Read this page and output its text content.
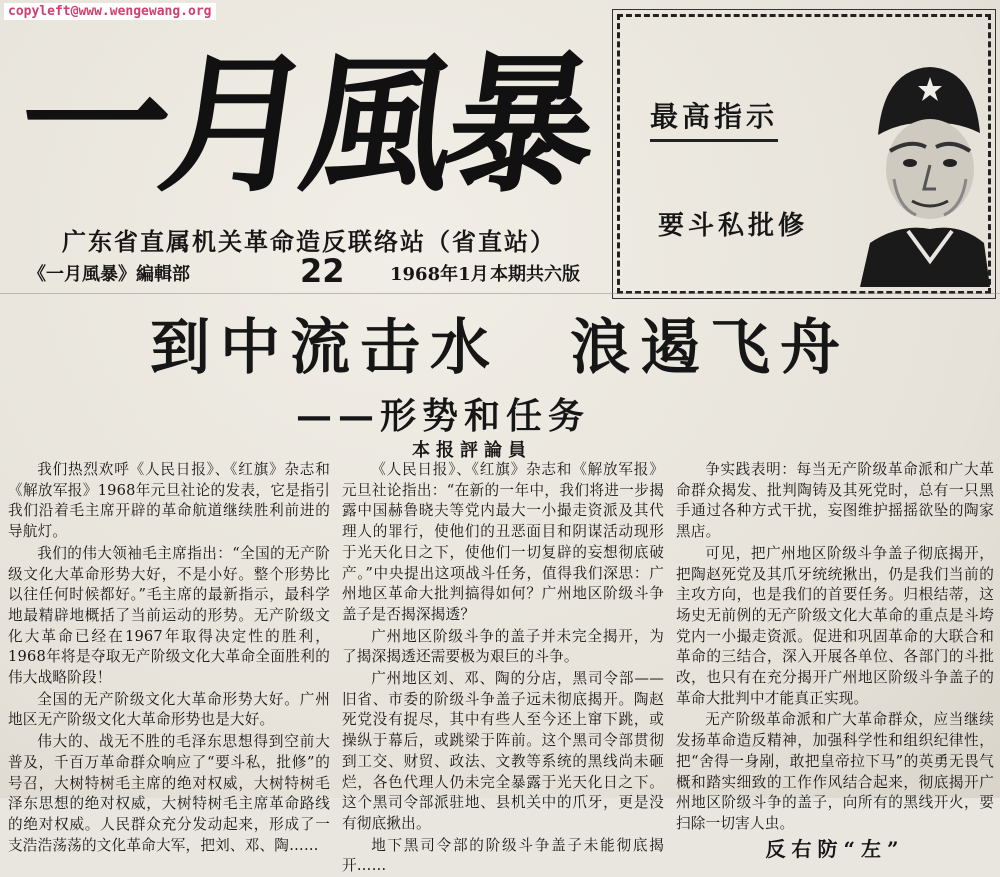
copyleft@www.wengewang.org
一月風暴
广东省直属机关革命造反联络站（省直站）
《一月風暴》編輯部	22	1968年1月 本期共六版
最高指示
要斗私批修
到中流击水　浪遏飞舟
——形势和任务
本报評論員

我们热烈欢呼《人民日报》、《红旗》杂志和《解放军报》1968年元旦社论的发表，它是指引我们沿着毛主席开辟的革命航道继续胜利前进的导航灯。

我们的伟大领袖毛主席指出：“全国的无产阶级文化大革命形势大好，不是小好。整个形势比以往任何时候都好。”毛主席的最新指示，最科学地最精辟地概括了当前运动的形势。无产阶级文化大革命已经在1967年取得决定性的胜利，1968年将是夺取无产阶级文化大革命全面胜利的伟大战略阶段！

全国的无产阶级文化大革命形势大好。广州地区无产阶级文化大革命形势也是大好。

伟大的、战无不胜的毛泽东思想得到空前大普及，千百万革命群众响应了“要斗私，批修”的号召，大树特树毛主席的绝对权威，大树特树毛泽东思想的绝对权威，大树特树毛主席革命路线的绝对权威。人民群众充分发动起来，形成了一支浩浩荡荡的文化革命大军，把刘、邓、陶……

《人民日报》、《红旗》杂志和《解放军报》元旦社论指出：“在新的一年中，我们将进一步揭露中国赫鲁晓夫等党内最大一小撮走资派及其代理人的罪行，使他们的丑恶面目和阴谋活动现形于光天化日之下，使他们一切复辟的妄想彻底破产。”中央提出这项战斗任务，值得我们深思：广州地区革命大批判搞得如何？广州地区阶级斗争盖子是否揭深揭透？

广州地区阶级斗争的盖子并未完全揭开，为了揭深揭透还需要极为艰巨的斗争。

广州地区刘、邓、陶的分店，黑司令部——旧省、市委的阶级斗争盖子远未彻底揭开。陶赵死党没有捉尽，其中有些人至今还上窜下跳，或操纵于幕后，或跳梁于阵前。这个黑司令部贯彻到工交、财贸、政法、文教等系统的黑线尚未砸烂，各色代理人仍未完全暴露于光天化日之下。这个黑司令部派驻地、县机关中的爪牙，更是没有彻底揪出。

地下黑司令部的阶级斗争盖子未能彻底揭开……

争实践表明：每当无产阶级革命派和广大革命群众揭发、批判陶铸及其死党时，总有一只黑手通过各种方式干扰，妄图维护摇摇欲坠的陶家黑店。

可见，把广州地区阶级斗争盖子彻底揭开，把陶赵死党及其爪牙统统揪出，仍是我们当前的主攻方向，也是我们的首要任务。归根结蒂，这场史无前例的无产阶级文化大革命的重点是斗垮党内一小撮走资派。促进和巩固革命的大联合和革命的三结合，深入开展各单位、各部门的斗批改，也只有在充分揭开广州地区阶级斗争盖子的革命大批判中才能真正实现。

无产阶级革命派和广大革命群众，应当继续发扬革命造反精神，加强科学性和组织纪律性，把“舍得一身剐，敢把皇帝拉下马”的英勇无畏气概和踏实细致的工作作风结合起来，彻底揭开广州地区阶级斗争的盖子，向所有的黑线开火，要扫除一切害人虫。

反右防“左”
